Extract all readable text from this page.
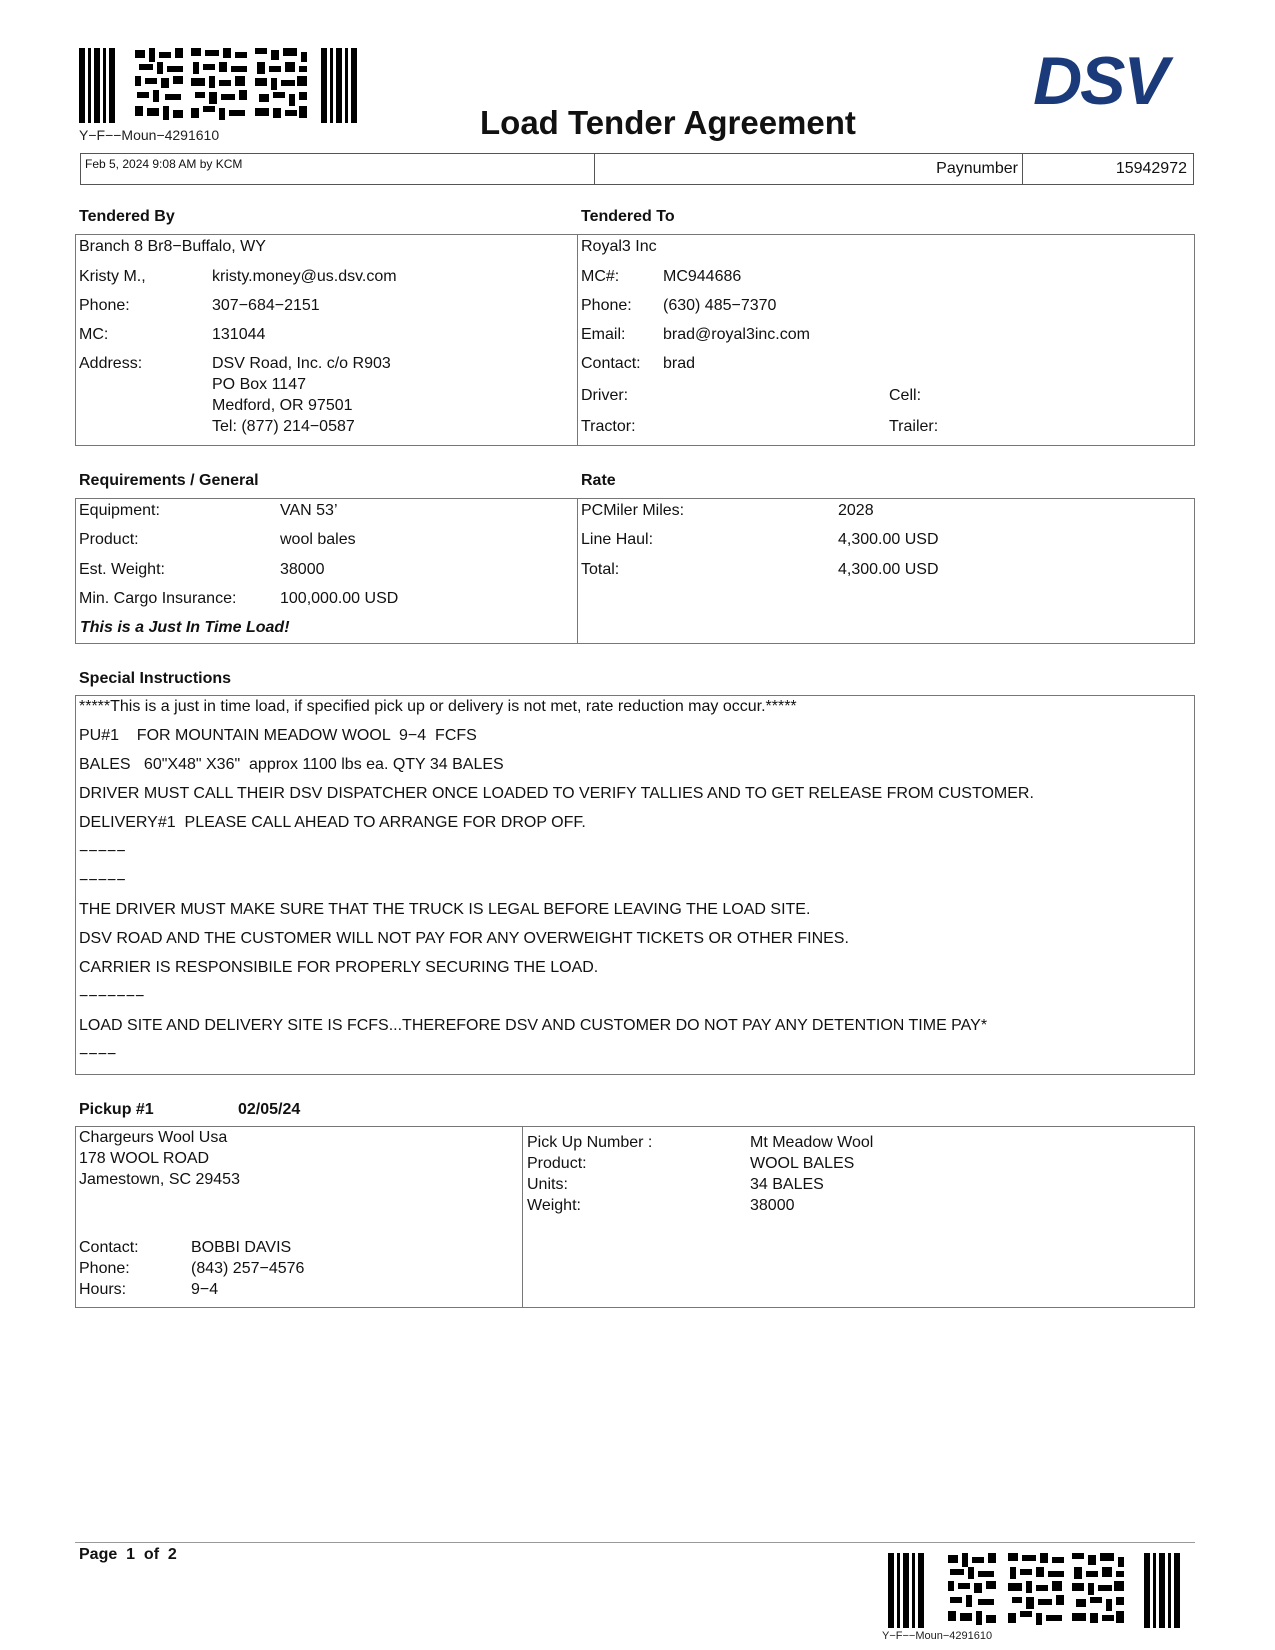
Y−F−−Moun−4291610	Load Tender Agreement
DSV
Feb 5, 2024 9:08 AM by KCM	Paynumber	15942972
Tendered By	Tendered To
Branch 8 Br8−Buffalo, WY
Kristy M.,	kristy.money@us.dsv.com
Phone:	307−684−2151
MC:	131044
Address:	DSV Road, Inc. c/o R903
PO Box 1147
Medford, OR 97501
Tel: (877) 214−0587
Royal3 Inc
MC#:	MC944686
Phone: (630) 485−7370
Email: brad@royal3inc.com
Contact: brad
Driver:	Cell:
Tractor:	Trailer:
Requirements / General	Rate
Equipment:	VAN 53’
Product:	wool bales
Est. Weight:	38000
Min. Cargo Insurance:	100,000.00 USD
This is a Just In Time Load!
PCMiler Miles:	2028
Line Haul:	4,300.00 USD
Total:	4,300.00 USD
Special Instructions
*****This is a just in time load, if specified pick up or delivery is not met, rate reduction may occur.*****
PU#1    FOR MOUNTAIN MEADOW WOOL  9−4  FCFS
BALES   60"X48" X36"  approx 1100 lbs ea. QTY 34 BALES
DRIVER MUST CALL THEIR DSV DISPATCHER ONCE LOADED TO VERIFY TALLIES AND TO GET RELEASE FROM CUSTOMER.
DELIVERY#1  PLEASE CALL AHEAD TO ARRANGE FOR DROP OFF.
−−−−−
−−−−−
THE DRIVER MUST MAKE SURE THAT THE TRUCK IS LEGAL BEFORE LEAVING THE LOAD SITE.
DSV ROAD AND THE CUSTOMER WILL NOT PAY FOR ANY OVERWEIGHT TICKETS OR OTHER FINES.
CARRIER IS RESPONSIBILE FOR PROPERLY SECURING THE LOAD.
−−−−−−−
LOAD SITE AND DELIVERY SITE IS FCFS...THEREFORE DSV AND CUSTOMER DO NOT PAY ANY DETENTION TIME PAY*
−−−−
Pickup #1	02/05/24
Chargeurs Wool Usa
178 WOOL ROAD
Jamestown, SC 29453
Contact:	BOBBI DAVIS
Phone:	(843) 257−4576
Hours:	9−4
Pick Up Number :	Mt Meadow Wool
Product:	WOOL BALES
Units:	34 BALES
Weight:	38000
Page  1  of  2
Y−F−−Moun−4291610
